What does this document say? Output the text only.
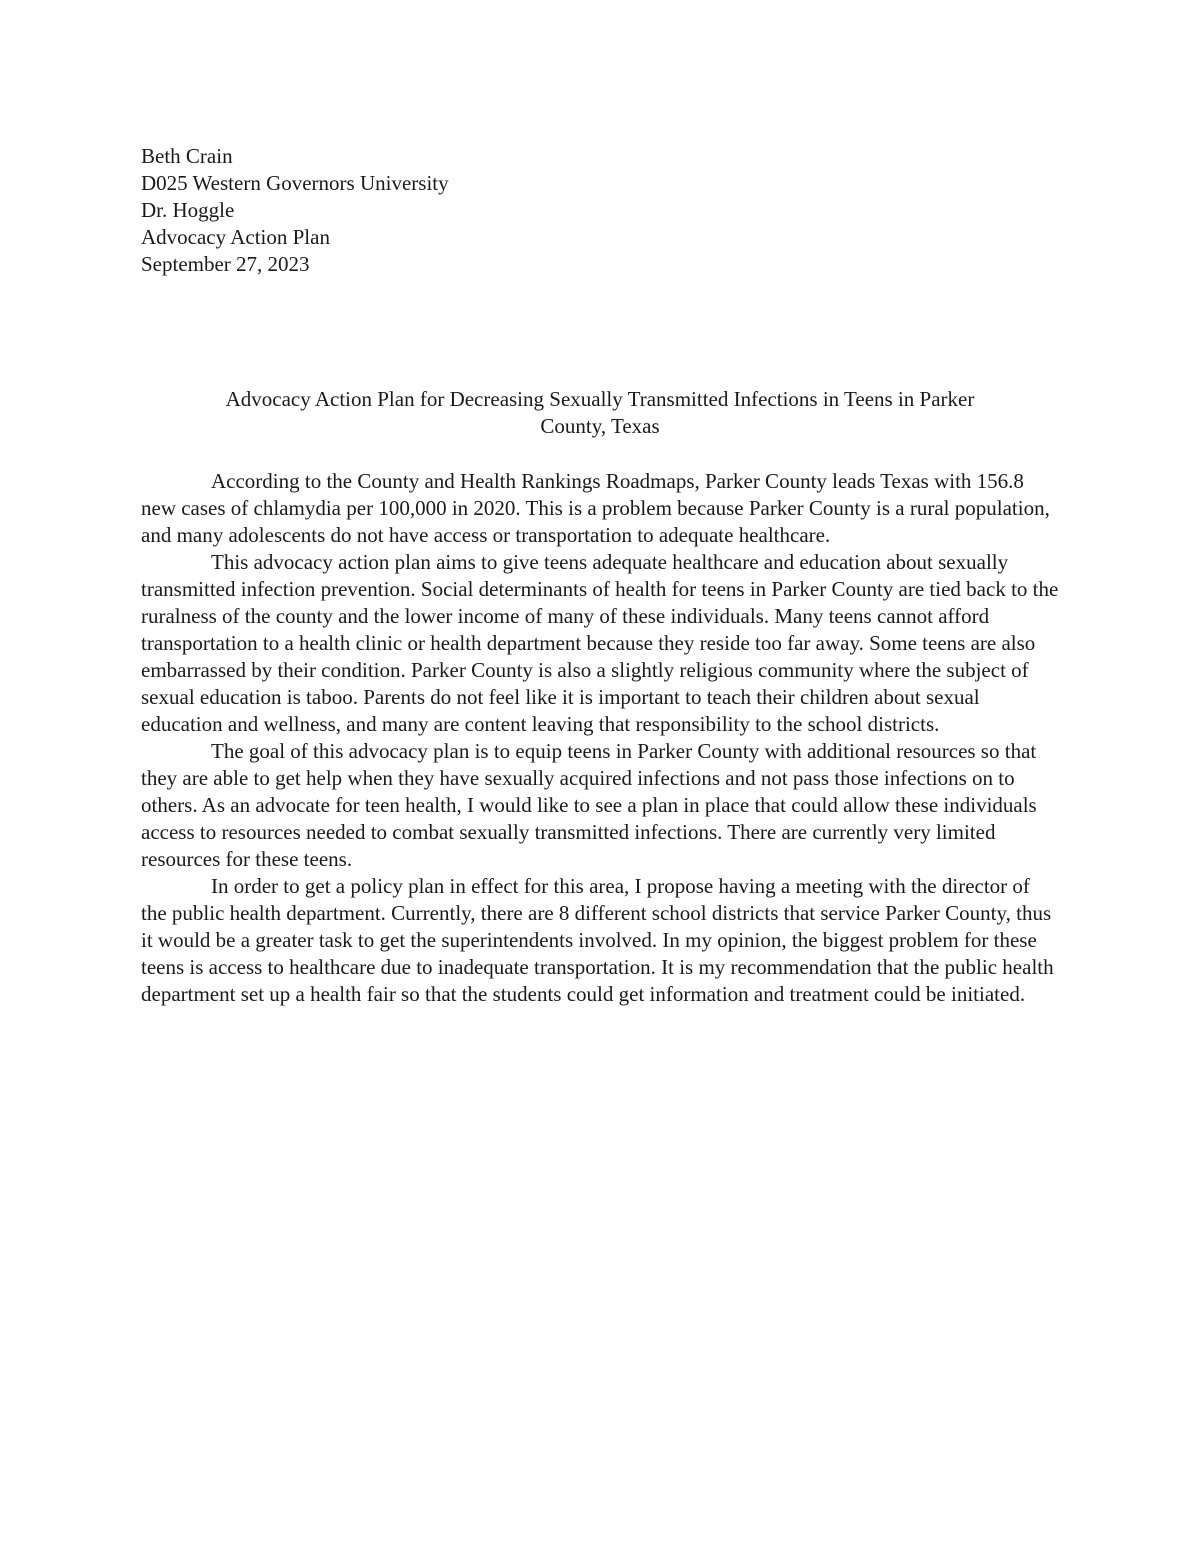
Beth Crain
D025 Western Governors University
Dr. Hoggle
Advocacy Action Plan
September 27, 2023
Advocacy Action Plan for Decreasing Sexually Transmitted Infections in Teens in Parker
County, Texas

According to the County and Health Rankings Roadmaps, Parker County leads Texas with 156.8 new cases of chlamydia per 100,000 in 2020. This is a problem because Parker County is a rural population, and many adolescents do not have access or transportation to adequate healthcare.

This advocacy action plan aims to give teens adequate healthcare and education about sexually transmitted infection prevention. Social determinants of health for teens in Parker County are tied back to the ruralness of the county and the lower income of many of these individuals. Many teens cannot afford transportation to a health clinic or health department because they reside too far away. Some teens are also embarrassed by their condition. Parker County is also a slightly religious community where the subject of sexual education is taboo. Parents do not feel like it is important to teach their children about sexual education and wellness, and many are content leaving that responsibility to the school districts.

The goal of this advocacy plan is to equip teens in Parker County with additional resources so that they are able to get help when they have sexually acquired infections and not pass those infections on to others. As an advocate for teen health, I would like to see a plan in place that could allow these individuals access to resources needed to combat sexually transmitted infections. There are currently very limited resources for these teens.

In order to get a policy plan in effect for this area, I propose having a meeting with the director of the public health department. Currently, there are 8 different school districts that service Parker County, thus it would be a greater task to get the superintendents involved. In my opinion, the biggest problem for these teens is access to healthcare due to inadequate transportation. It is my recommendation that the public health department set up a health fair so that the students could get information and treatment could be initiated.
